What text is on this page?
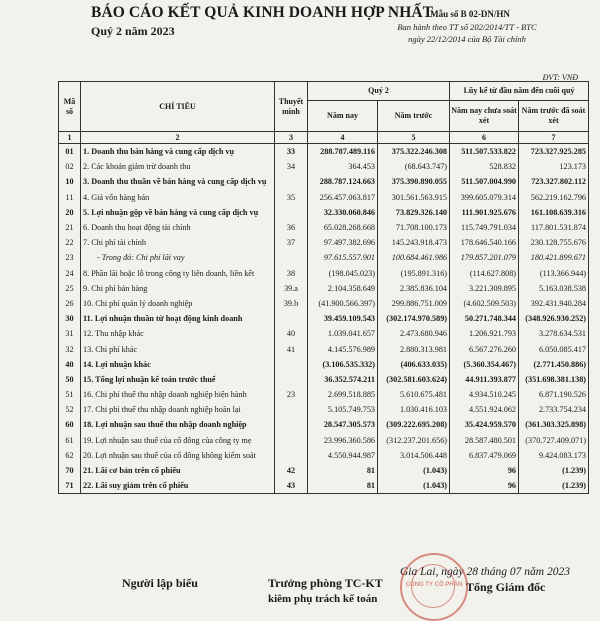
BÁO CÁO KẾT QUẢ KINH DOANH HỢP NHẤT
Quý 2 năm 2023
Mẫu số B 02-DN/HN
Ban hành theo TT số 202/2014/TT - BTC
ngày 22/12/2014 của Bộ Tài chính
ĐVT: VNĐ
Mã số	CHỈ TIÊU	Thuyết minh	Quý 2		Lũy kế từ đầu năm đến cuối quý	
			Năm nay	Năm trước	Năm nay chưa soát xét	Năm trước đã soát xét
1	2	3	4	5	6	7
01	1. Doanh thu bán hàng và cung cấp dịch vụ	33	288.787.489.116	375.322.246.308	511.507.533.822	723.327.925.285
02	2. Các khoản giảm trừ doanh thu	34	364.453	(68.643.747)	528.832	123.173
10	3. Doanh thu thuần về bán hàng và cung cấp dịch vụ		288.787.124.663	375.390.890.055	511.507.004.990	723.327.802.112
11	4. Giá vốn hàng bán	35	256.457.063.817	301.561.563.915	399.605.079.314	562.219.162.796
20	5. Lợi nhuận gộp về bán hàng và cung cấp dịch vụ		32.330.060.846	73.829.326.140	111.901.925.676	161.108.639.316
21	6. Doanh thu hoạt động tài chính	36	65.028.268.668	71.708.100.173	115.749.791.034	117.801.531.874
22	7. Chi phí tài chính	37	97.497.382.696	145.243.918.473	178.646.540.166	230.128.755.676
23	- Trong đó: Chi phí lãi vay		97.615.557.901	100.684.461.986	179.857.201.079	180.421.899.671
24	8. Phần lãi hoặc lỗ trong công ty liên doanh, liên kết	38	(198.045.023)	(195.891.316)	(114.627.808)	(113.366.944)
25	9. Chi phí bán hàng	39.a	2.104.358.649	2.385.836.104	3.221.309.895	5.163.038.538
26	10. Chi phí quản lý doanh nghiệp	39.b	(41.900.566.397)	299.886.751.009	(4.602.509.503)	392.431.940.284
30	11. Lợi nhuận thuần từ hoạt động kinh doanh		39.459.109.543	(302.174.970.589)	50.271.748.344	(348.926.930.252)
31	12. Thu nhập khác	40	1.039.041.657	2.473.680.946	1.206.921.793	3.278.634.531
32	13. Chi phí khác	41	4.145.576.989	2.880.313.981	6.567.276.260	6.050.085.417
40	14. Lợi nhuận khác		(3.106.535.332)	(406.633.035)	(5.360.354.467)	(2.771.450.886)
50	15. Tổng lợi nhuận kế toán trước thuế		36.352.574.211	(302.581.603.624)	44.911.393.877	(351.698.381.138)
51	16. Chi phí thuế thu nhập doanh nghiệp hiện hành	23	2.699.518.885	5.610.675.481	4.934.510.245	6.871.190.526
52	17. Chi phí thuế thu nhập doanh nghiệp hoãn lại		5.105.749.753	1.030.416.103	4.551.924.062	2.733.754.234
60	18. Lợi nhuận sau thuế thu nhập doanh nghiệp		28.547.305.573	(309.222.695.208)	35.424.959.570	(361.303.325.898)
61	19. Lợi nhuận sau thuế của cổ đông của công ty mẹ		23.996.360.586	(312.237.201.656)	28.587.480.501	(370.727.409.071)
62	20. Lợi nhuận sau thuế của cổ đông không kiểm soát		4.550.944.987	3.014.506.448	6.837.479.069	9.424.083.173
70	21. Lãi cơ bản trên cổ phiếu	42	81	(1.043)	96	(1.239)
71	22. Lãi suy giảm trên cổ phiếu	43	81	(1.043)	96	(1.239)
Gia Lai, ngày 28 tháng 07 năm 2023
CÔNG TY CỔ PHẦN
Người lập biểu	Trưởng phòng TC-KT
kiêm phụ trách kế toán
Tổng Giám đốc
